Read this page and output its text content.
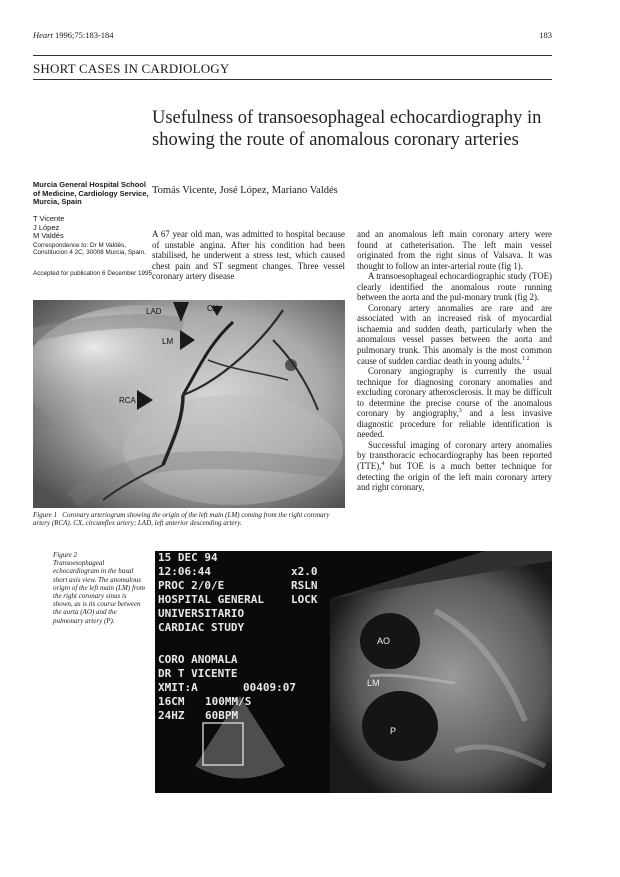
Heart 1996;75:183-184	183
SHORT CASES IN CARDIOLOGY
Usefulness of transoesophageal echocardiography in showing the route of anomalous coronary arteries
Tomás Vicente, José López, Mariano Valdés
Murcia General Hospital School of Medicine, Cardiology Service, Murcia, Spain
T Vicente
J López
M Valdés
Correspondence to: Dr M Valdés, Constitucion 4 2C, 30008 Murcia, Spain.
Accepted for publication 6 December 1995

A 67 year old man, was admitted to hospital because of unstable angina. After his condition had been stabilised, he underwent a stress test, which caused chest pain and ST segment changes. Three vessel coronary artery disease

and an anomalous left main coronary artery were found at catheterisation. The left main vessel originated from the right sinus of Valsava. It was thought to follow an inter-arterial route (fig 1).

A transoesophageal echocardiographic study (TOE) clearly identified the anomalous route running between the aorta and the pul-monary trunk (fig 2).

Coronary artery anomalies are rare and are associated with an increased risk of myocardial ischaemia and sudden death, particularly when the anomalous vessel passes between the aorta and pulmonary trunk. This anomaly is the most common cause of sudden cardiac death in young adults.$^{1 2}$

Coronary angiography is currently the usual technique for diagnosing coronary anomalies and excluding coronary atherosclerosis. It may be difficult to determine the precise course of the anomalous coronary by angiography,$^3$ and a less invasive diagnostic procedure for reliable identification is needed.

Successful imaging of coronary artery anomalies by transthoracic echocardiography has been reported (TTE),$^4$ but TOE is a much better technique for detecting the origin of the left main coronary artery and right coronary,

LAD	CX
LM
RCA
Figure 1 Coronary arteriogram showing the origin of the left main (LM) coming from the right coronary artery (RCA). CX, circumflex artery; LAD, left anterior descending artery.
Figure 2
Transoesophageal echocardiogram in the basal short axis view. The anomalous origin of the left main (LM) from the right coronary sinus is shown, as is its course between the aorta (AO) and the pulmonary artery (P).
AO
LM
P
15 DEC 94
12:06:44
PROC 2/0/E
HOSPITAL GENERAL
UNIVERSITARIO
CARDIAC STUDY
CORO ANOMALA
DR T VICENTE
XMIT:A	00409:07
16CM 100MM/S
24HZ 60BPM
x2.0
RSLN
LOCK
